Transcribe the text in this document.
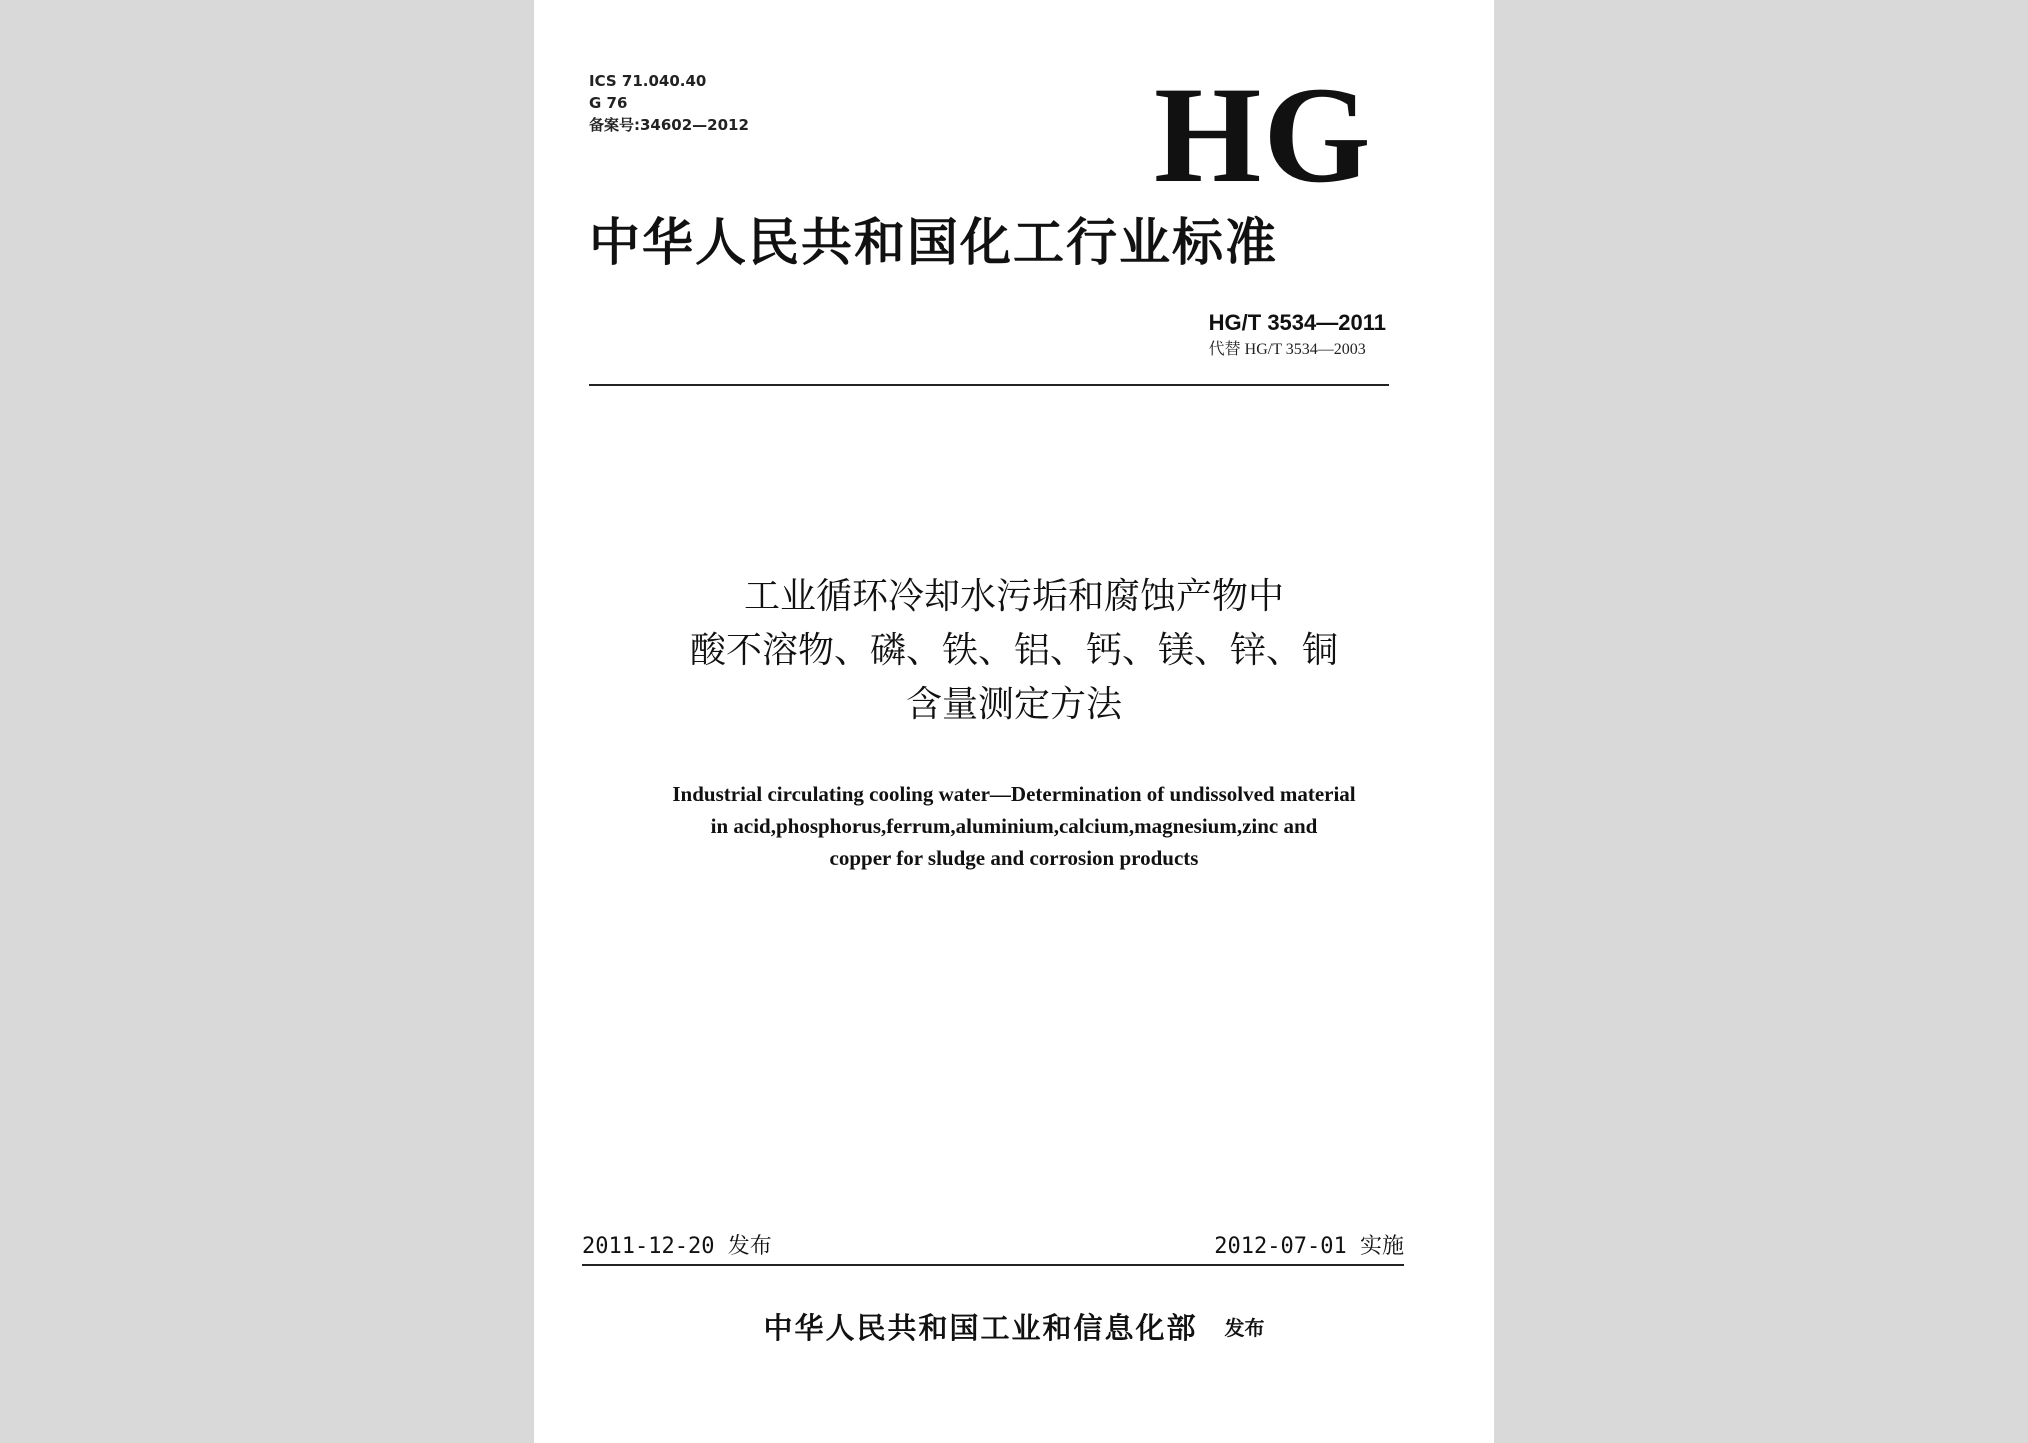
ICS 71.040.40
G 76
备案号:34602—2012	HG
中华人民共和国化工行业标准
HG/T 3534—2011
代替 HG/T 3534—2003
工业循环冷却水污垢和腐蚀产物中
酸不溶物、磷、铁、铝、钙、镁、锌、铜
含量测定方法
Industrial circulating cooling water—Determination of undissolved material
in acid,phosphorus,ferrum,aluminium,calcium,magnesium,zinc and
copper for sludge and corrosion products
2011-12-20 发布	2012-07-01 实施
中华人民共和国工业和信息化部 发布
